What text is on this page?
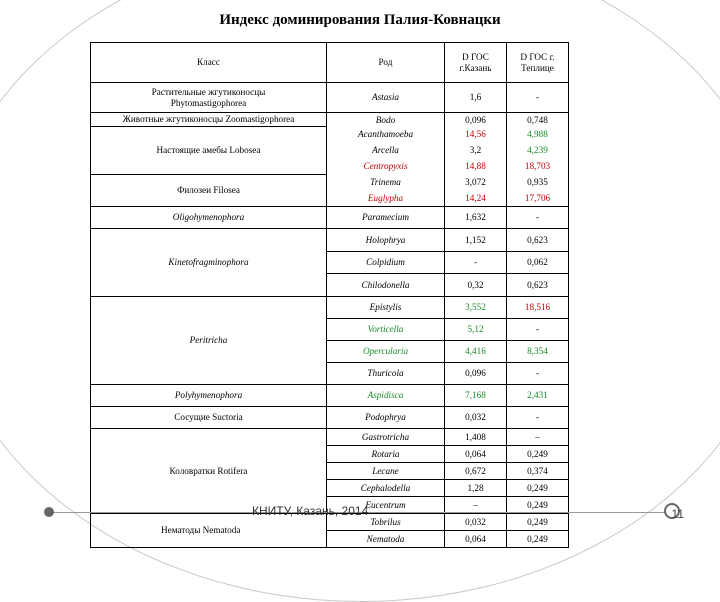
Индекс доминирования Палия-Ковнацки
Класс	Род	D ГОС г.Казань	D ГОС г. Теплице
Растительные жгутиконосцы
Phytomastigophorea	Astasia	1,6	-
Животные жгутиконосцы Zoomastigophorea	Bodo	0,096	0,748
Настоящие амебы Lobosea	Acanthamoeba	14,56	4,988
	Arcella	3,2	4,239
	Centropyxis	14,88	18,703
Филозеи Filosea	Trinema	3,072	0,935
	Euglypha	14,24	17,706
Oligohymenophora	Paramecium	1,632	-
Kinetofragminophora	Holophrya	1,152	0,623
	Colpidium	-	0,062
	Chilodonella	0,32	0,623
Peritricha	Epistylis	3,552	18,516
	Vorticella	5,12	-
	Opercularia	4,416	8,354
	Thuricola	0,096	-
Polyhymenophora	Aspidisca	7,168	2,431
Сосущие Suctoria	Podophrya	0,032	-
Коловратки Rotifera	Gastrotricha	1,408	–
	Rotaria	0,064	0,249
	Lecane	0,672	0,374
	Cephalodella	1,28	0,249
	Eucentrum	–	0,249
Нематоды Nematoda	Tobrilus	0,032	0,249
	Nematoda	0,064	0,249
КНИТУ, Казань, 2014	11
